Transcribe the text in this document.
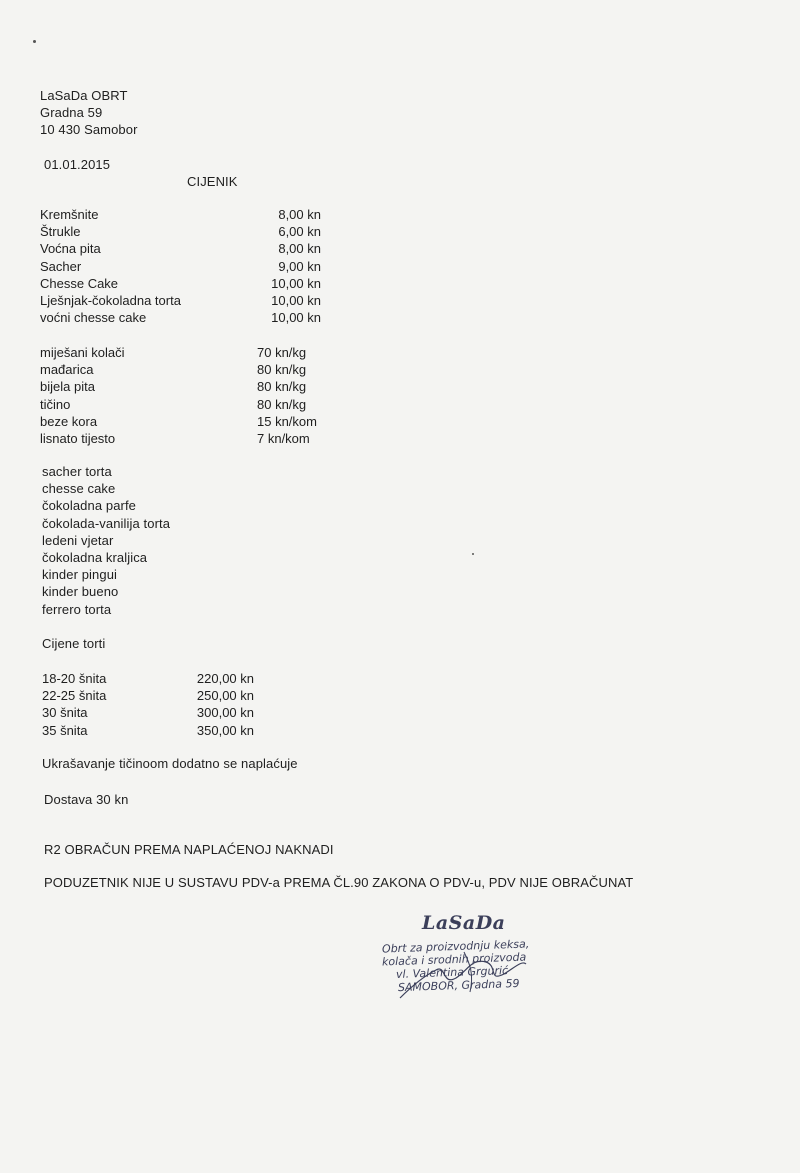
LaSaDa OBRT
Gradna 59
10 430 Samobor
01.01.2015
CIJENIK
Kremšnite	8,00 kn
Štrukle	6,00 kn
Voćna pita	8,00 kn
Sacher	9,00 kn
Chesse Cake	10,00 kn
Lješnjak-čokoladna torta	10,00 kn
voćni chesse cake	10,00 kn
miješani kolači	70 kn/kg
mađarica	80 kn/kg
bijela pita	80 kn/kg
tičino	80 kn/kg
beze kora	15 kn/kom
lisnato tijesto	7 kn/kom
sacher torta
chesse cake
čokoladna parfe
čokolada-vanilija torta
ledeni vjetar
čokoladna kraljica
kinder pingui
kinder bueno
ferrero torta
Cijene torti
18-20 šnita	220,00 kn
22-25 šnita	250,00 kn
30 šnita	300,00 kn
35 šnita	350,00 kn
Ukrašavanje tičinoom dodatno se naplaćuje
Dostava 30 kn
R2 OBRAČUN PREMA NAPLAĆENOJ NAKNADI
PODUZETNIK NIJE U SUSTAVU PDV-a PREMA ČL.90 ZAKONA O PDV-u, PDV NIJE OBRAČUNAT
LaSaDa
Obrt za proizvodnju keksa,
kolača i srodnih proizvoda
vl. Valentina Grgurić
SAMOBOR, Gradna 59
